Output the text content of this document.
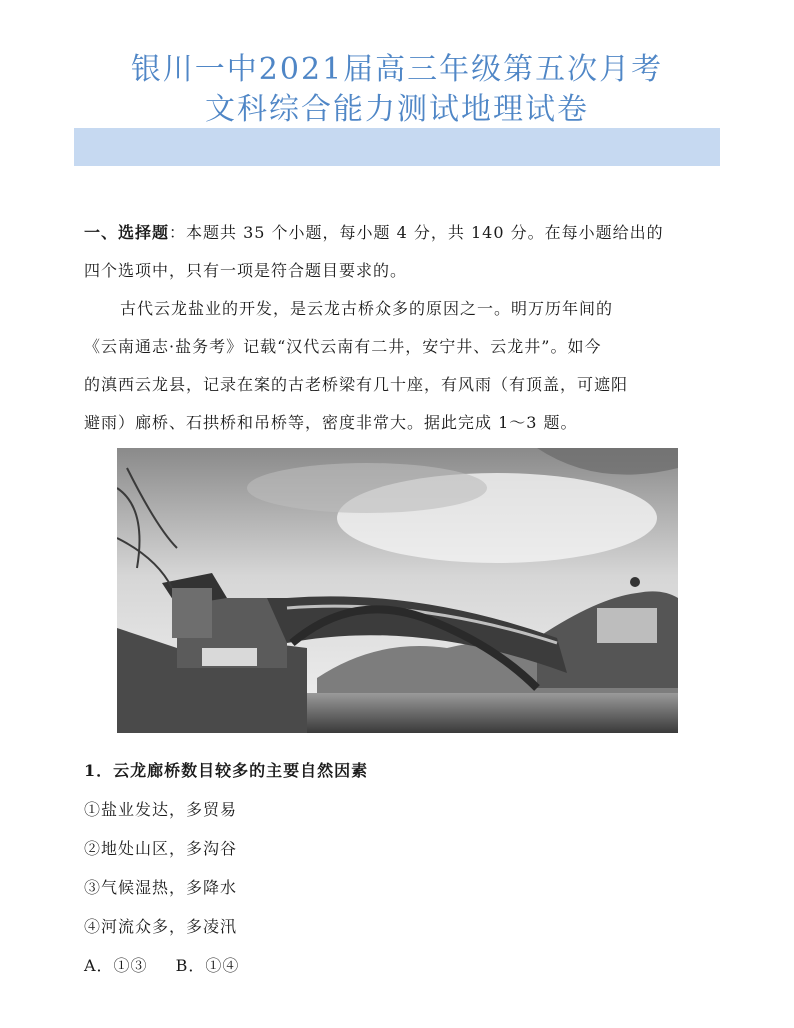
银川一中2021届高三年级第五次月考
文科综合能力测试地理试卷

一、选择题：本题共 35 个小题，每小题 4 分，共 140 分。在每小题给出的
四个选项中，只有一项是符合题目要求的。

古代云龙盐业的开发，是云龙古桥众多的原因之一。明万历年间的
《云南通志·盐务考》记载“汉代云南有二井，安宁井、云龙井”。如今
的滇西云龙县，记录在案的古老桥梁有几十座，有风雨（有顶盖，可遮阳
避雨）廊桥、石拱桥和吊桥等，密度非常大。据此完成 1～3 题。

1．云龙廊桥数目较多的主要自然因素
①盐业发达，多贸易
②地处山区，多沟谷
③气候湿热，多降水
④河流众多，多凌汛
A．①③ B．①④
